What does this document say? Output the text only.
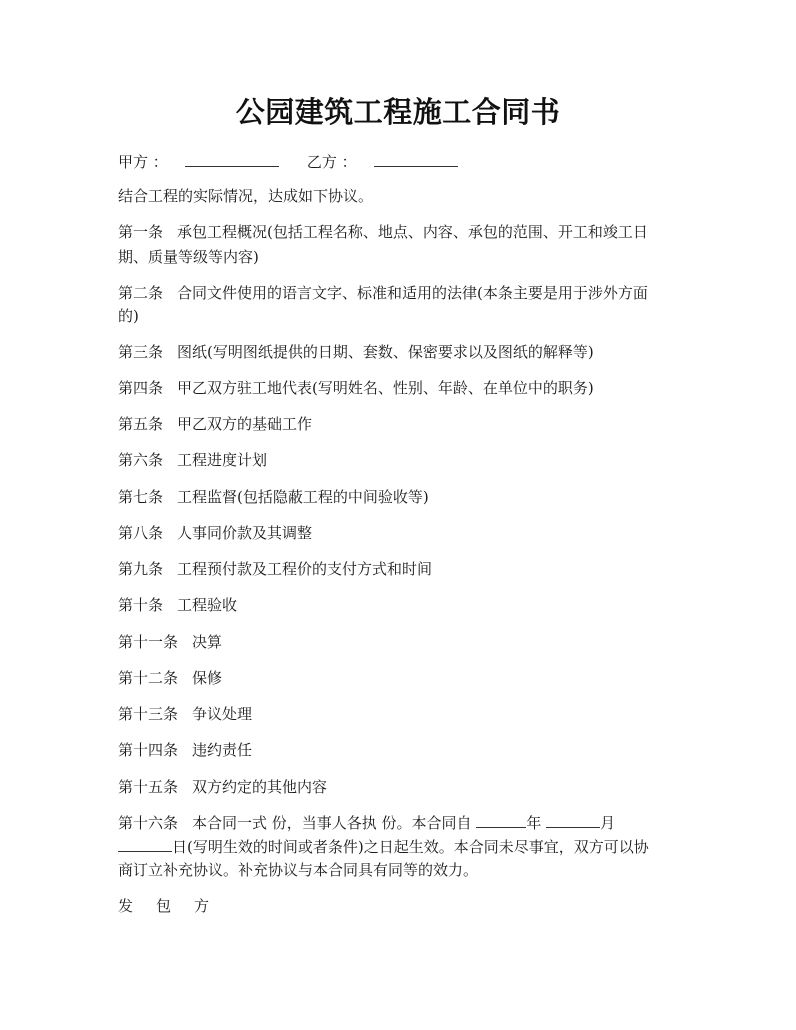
公园建筑工程施工合同书
甲方 ：	乙方 ：
结合工程的实际情况，达成如下协议。
第一条 承包工程概况(包括工程名称、地点、内容、承包的范围、开工和竣工日
期、质量等级等内容)
第二条 合同文件使用的语言文字、标准和适用的法律(本条主要是用于涉外方面
的)
第三条 图纸(写明图纸提供的日期、套数、保密要求以及图纸的解释等)
第四条 甲乙双方驻工地代表(写明姓名、性别、年龄、在单位中的职务)
第五条 甲乙双方的基础工作
第六条 工程进度计划
第七条 工程监督(包括隐蔽工程的中间验收等)
第八条 人事同价款及其调整
第九条 工程预付款及工程价的支付方式和时间
第十条 工程验收
第十一条 决算
第十二条 保修
第十三条 争议处理
第十四条 违约责任
第十五条 双方约定的其他内容
第十六条 本合同一式 份，当事人各执 份。本合同自	年	月
日(写明生效的时间或者条件)之日起生效。本合同未尽事宜，双方可以协
商订立补充协议。补充协议与本合同具有同等的效力。
发 包 方
